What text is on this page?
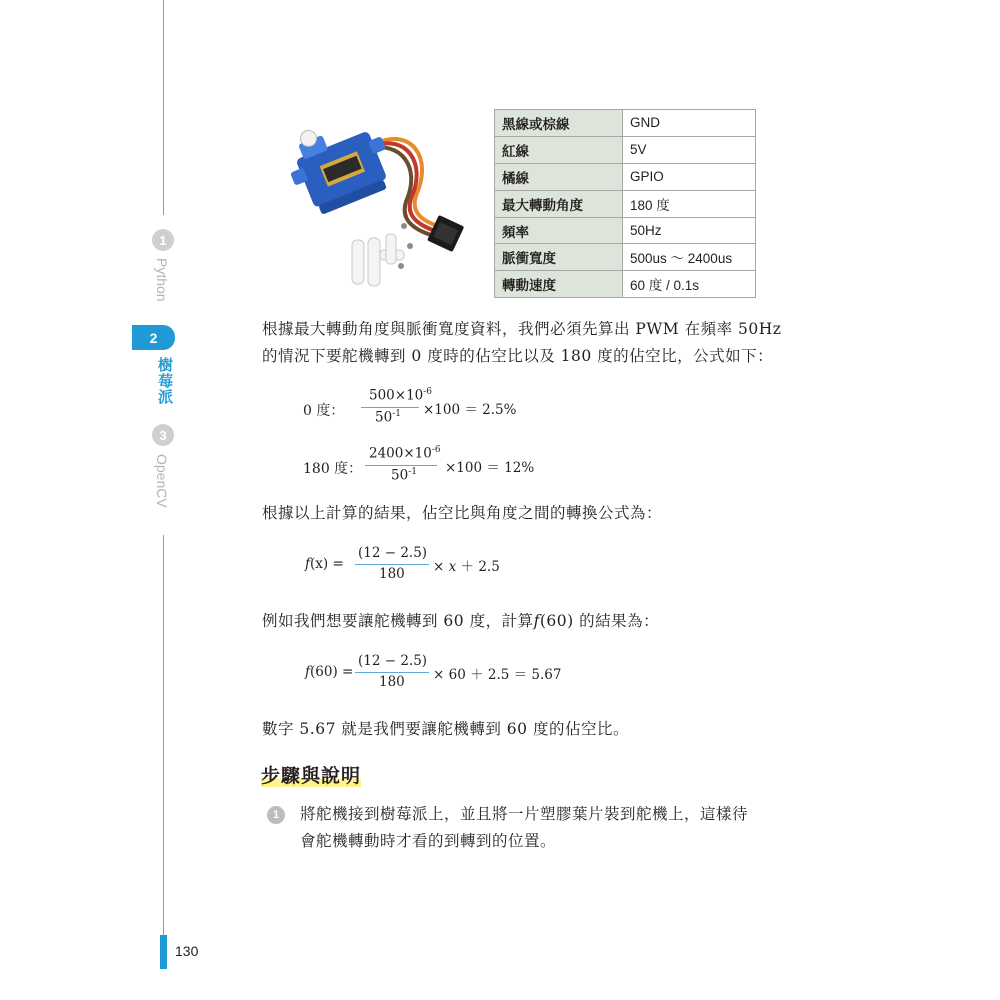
1
Python
2
樹莓派
3
OpenCV
黑線或棕線	GND
紅線	5V
橘線	GPIO
最大轉動角度	180 度
頻率	50Hz
脈衝寬度	500us ～ 2400us
轉動速度	60 度 / 0.1s
根據最大轉動角度與脈衝寬度資料，我們必須先算出 PWM 在頻率 50Hz
的情況下要舵機轉到 0 度時的佔空比以及 180 度的佔空比，公式如下：
0 度：
$500\times 10^{-6}$
$50^{-1} \times 100 = 2.5\%$
180 度：
$2400\times 10^{-6}$
$50^{-1} \times 100 = 12\%$
根據以上計算的結果，佔空比與角度之間的轉換公式為：
f(x) =
(12 − 2.5)
180 × x ＋ 2.5
例如我們想要讓舵機轉到 60 度，計算f(60) 的結果為：
f(60) =
(12 − 2.5)
180 × 60 ＋ 2.5 ＝ 5.67
數字 5.67 就是我們要讓舵機轉到 60 度的佔空比。
步驟與說明
1 將舵機接到樹莓派上，並且將一片塑膠葉片裝到舵機上，這樣待
會舵機轉動時才看的到轉到的位置。
130
